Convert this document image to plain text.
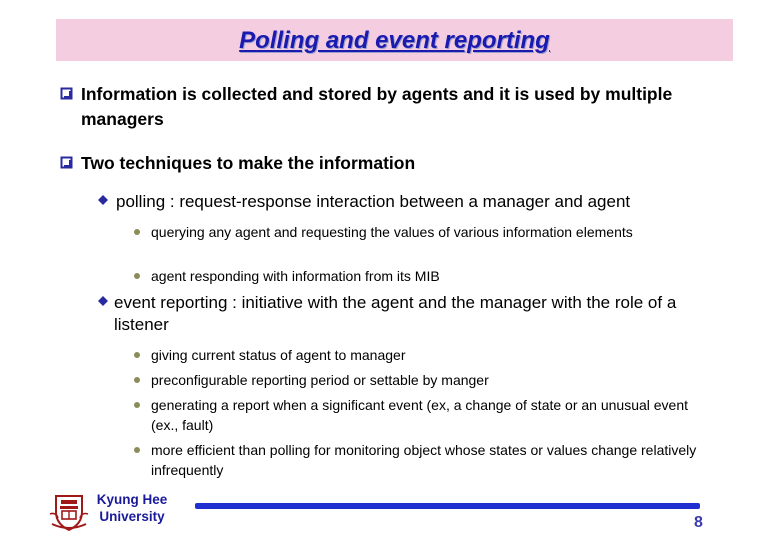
Polling and event reporting
Information is collected and stored by agents and it is used by multiple managers
Two techniques to make the information
polling : request-response interaction between a manager and agent
querying any agent and requesting the values of various information elements
agent responding with information from its MIB
event reporting : initiative with the agent and the manager with the role of a listener
giving current status of agent to manager
preconfigurable reporting period or settable by manger
generating a report when a significant event (ex, a change of state or an unusual event (ex., fault)
more efficient than polling for monitoring object whose states or values change relatively infrequently
Kyung Hee
University	8
